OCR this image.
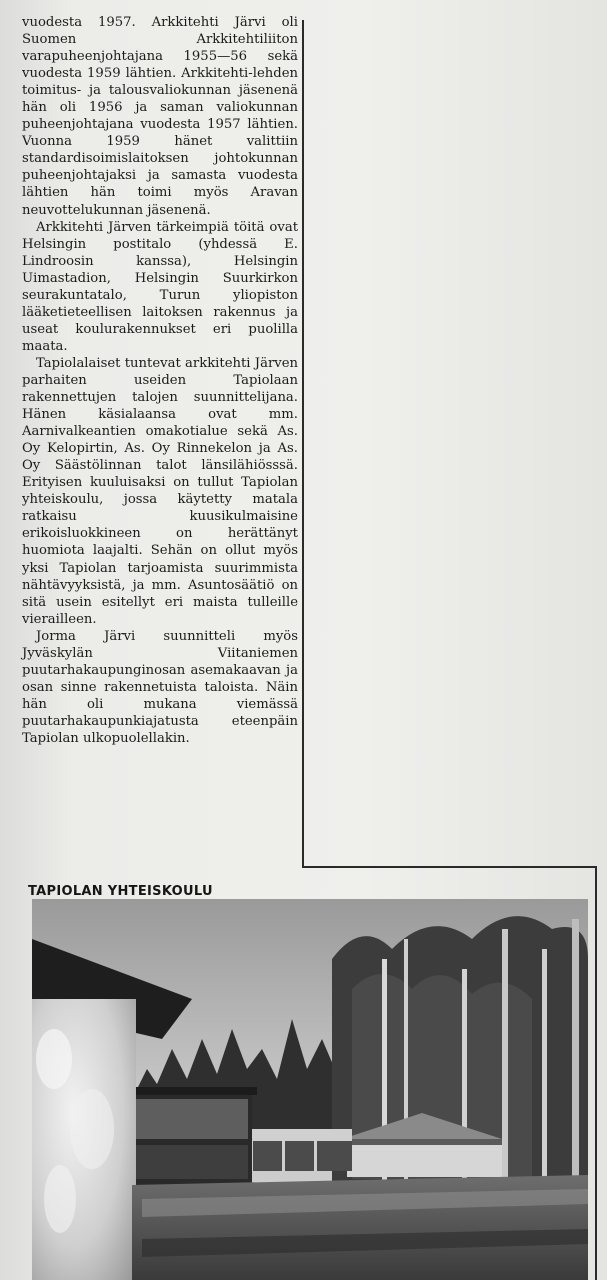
vuodesta 1957. Arkkitehti Järvi oli Suomen Arkkitehtiliiton varapuheenjohtajana 1955—56 sekä vuodesta 1959 lähtien. Arkkitehti-lehden toimitus- ja talousvaliokunnan jäsenenä hän oli 1956 ja saman valiokunnan puheenjohtajana vuodesta 1957 lähtien. Vuonna 1959 hänet valittiin standardisoimislaitoksen johtokunnan puheenjohtajaksi ja samasta vuodesta lähtien hän toimi myös Aravan neuvottelukunnan jäsenenä.

Arkkitehti Järven tärkeimpiä töitä ovat Helsingin postitalo (yhdessä E. Lindroosin kanssa), Helsingin Uimastadion, Helsingin Suurkirkon seurakuntatalo, Turun yliopiston lääketieteellisen laitoksen rakennus ja useat koulurakennukset eri puolilla maata.

Tapiolalaiset tuntevat arkkitehti Järven parhaiten useiden Tapiolaan rakennettujen talojen suunnittelijana. Hänen käsialaansa ovat mm. Aarnivalkeantien omakotialue sekä As. Oy Kelopirtin, As. Oy Rinnekelon ja As. Oy Säästölinnan talot länsilähiösssä. Erityisen kuuluisaksi on tullut Tapiolan yhteiskoulu, jossa käytetty matala ratkaisu kuusikulmaisine erikoisluokkineen on herättänyt huomiota laajalti. Sehän on ollut myös yksi Tapiolan tarjoamista suurimmista nähtävyyksistä, ja mm. Asuntosäätiö on sitä usein esitellyt eri maista tulleille vierailleen.

Jorma Järvi suunnitteli myös Jyväskylän Viitaniemen puutarhakaupunginosan asemakaavan ja osan sinne rakennetuista taloista. Näin hän oli mukana viemässä puutarhakaupunkiajatusta eteenpäin Tapiolan ulkopuolellakin.

TAPIOLAN YHTEISKOULU
